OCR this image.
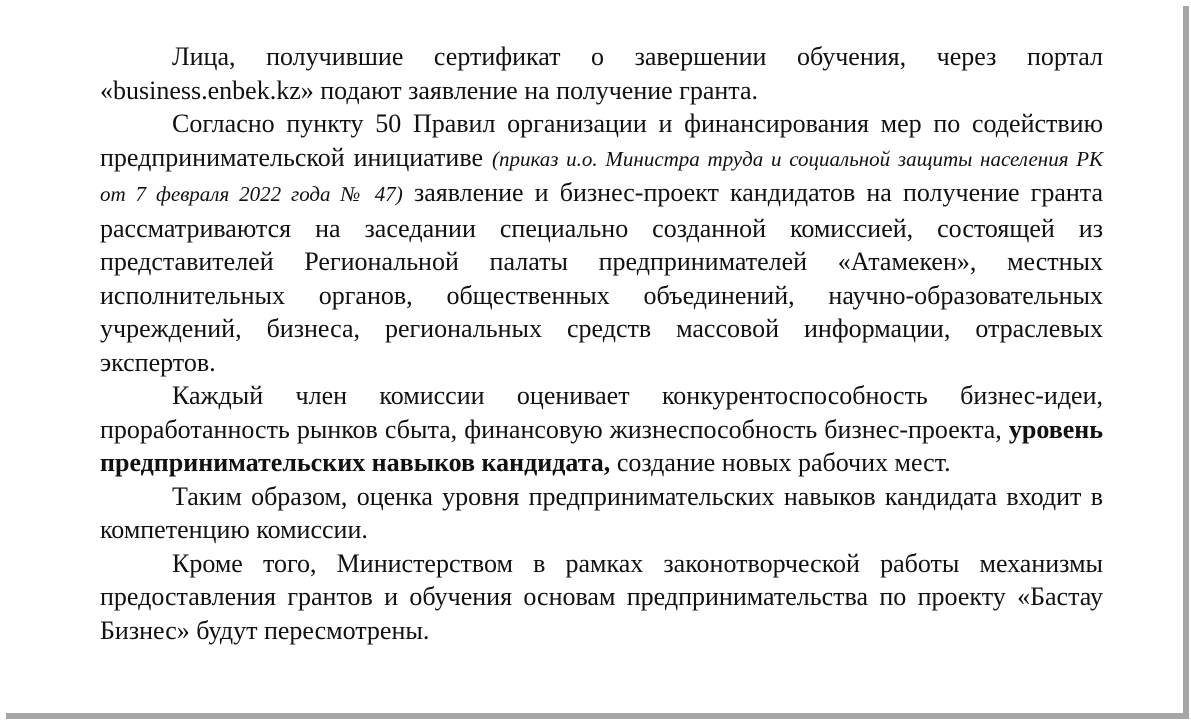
Лица, получившие сертификат о завершении обучения, через портал «business.enbek.kz» подают заявление на получение гранта.

Согласно пункту 50 Правил организации и финансирования мер по содействию предпринимательской инициативе (приказ и.о. Министра труда и социальной защиты населения РК от 7 февраля 2022 года № 47) заявление и бизнес-проект кандидатов на получение гранта рассматриваются на заседании специально созданной комиссией, состоящей из представителей Региональной палаты предпринимателей «Атамекен», местных исполнительных органов, общественных объединений, научно-образовательных учреждений, бизнеса, региональных средств массовой информации, отраслевых экспертов.

Каждый член комиссии оценивает конкурентоспособность бизнес-идеи, проработанность рынков сбыта, финансовую жизнеспособность бизнес-проекта, уровень предпринимательских навыков кандидата, создание новых рабочих мест.

Таким образом, оценка уровня предпринимательских навыков кандидата входит в компетенцию комиссии.

Кроме того, Министерством в рамках законотворческой работы механизмы предоставления грантов и обучения основам предпринимательства по проекту «Бастау Бизнес» будут пересмотрены.
